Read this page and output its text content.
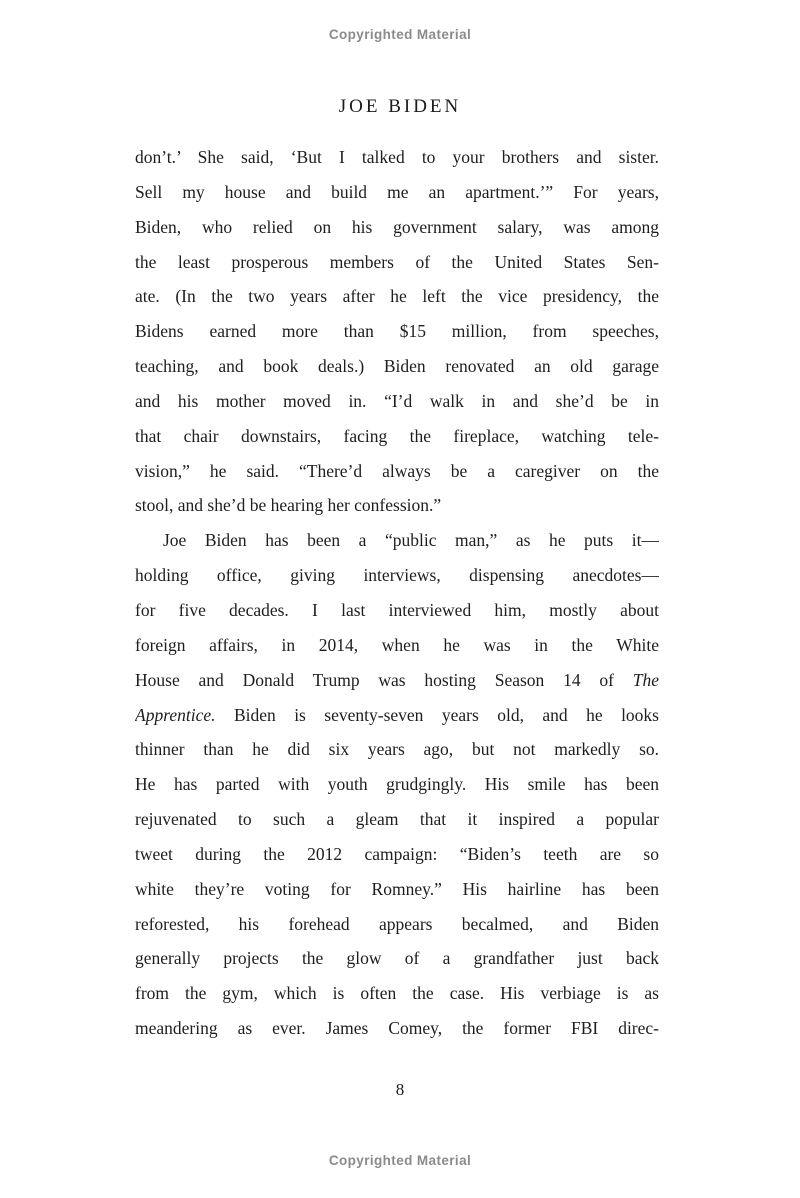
Copyrighted Material
JOE BIDEN
don’t.’ She said, ‘But I talked to your brothers and sister.
Sell my house and build me an apartment.’” For years,
Biden, who relied on his government salary, was among
the least prosperous members of the United States Sen-
ate. (In the two years after he left the vice presidency, the
Bidens earned more than $15 million, from speeches,
teaching, and book deals.) Biden renovated an old garage
and his mother moved in. “I’d walk in and she’d be in
that chair downstairs, facing the fireplace, watching tele-
vision,” he said. “There’d always be a caregiver on the
stool, and she’d be hearing her confession.”
Joe Biden has been a “public man,” as he puts it—
holding office, giving interviews, dispensing anecdotes—
for five decades. I last interviewed him, mostly about
foreign affairs, in 2014, when he was in the White
House and Donald Trump was hosting Season 14 of The
Apprentice. Biden is seventy-seven years old, and he looks
thinner than he did six years ago, but not markedly so.
He has parted with youth grudgingly. His smile has been
rejuvenated to such a gleam that it inspired a popular
tweet during the 2012 campaign: “Biden’s teeth are so
white they’re voting for Romney.” His hairline has been
reforested, his forehead appears becalmed, and Biden
generally projects the glow of a grandfather just back
from the gym, which is often the case. His verbiage is as
meandering as ever. James Comey, the former FBI direc-
8
Copyrighted Material
